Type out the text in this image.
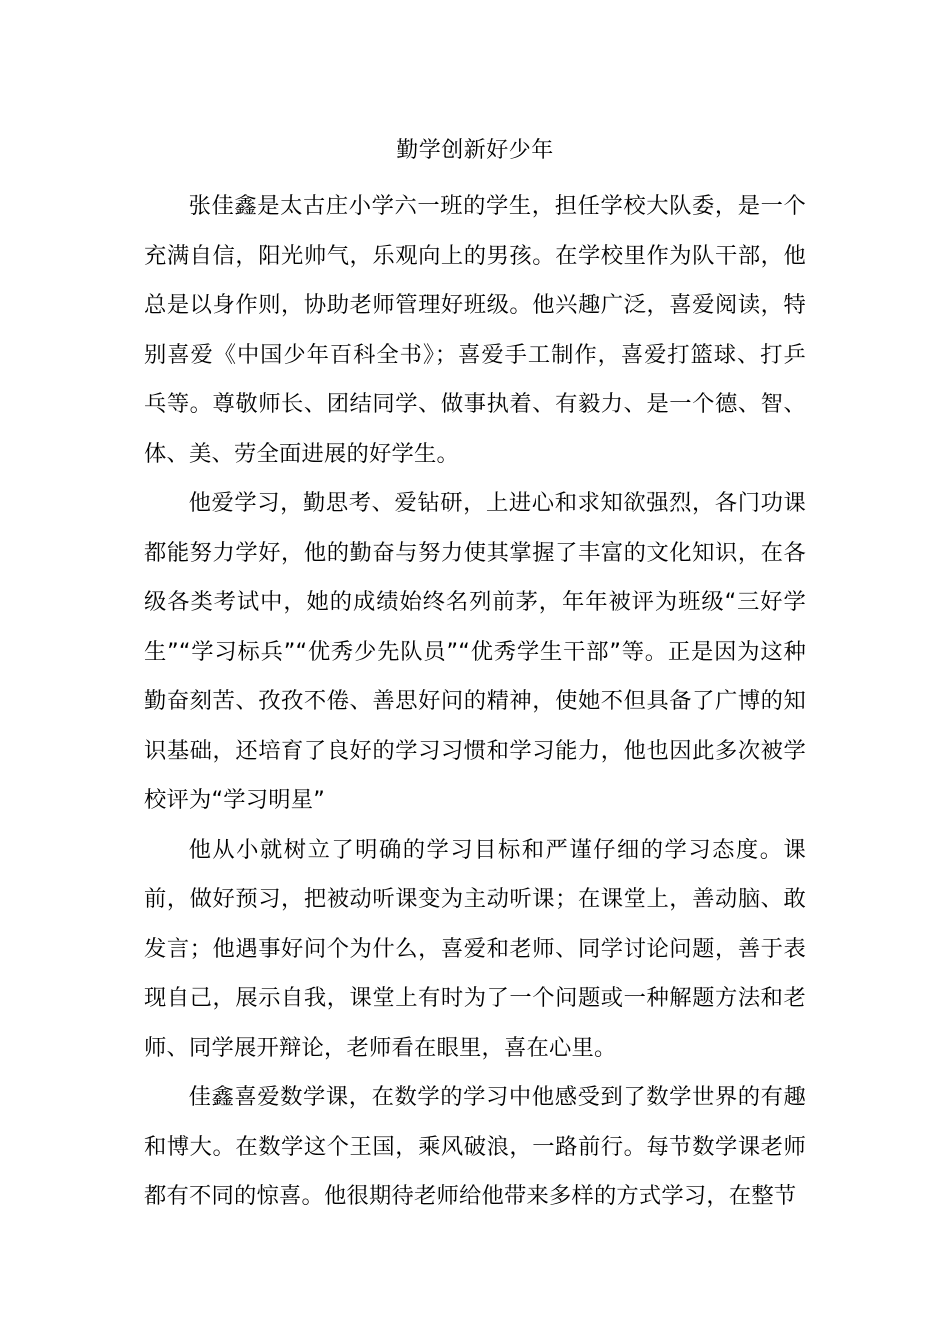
勤学创新好少年

张佳鑫是太古庄小学六一班的学生，担任学校大队委，是一个充满自信，阳光帅气，乐观向上的男孩。在学校里作为队干部，他总是以身作则，协助老师管理好班级。他兴趣广泛，喜爱阅读，特别喜爱《中国少年百科全书》；喜爱手工制作，喜爱打篮球、打乒乓等。尊敬师长、团结同学、做事执着、有毅力、是一个德、智、体、美、劳全面进展的好学生。

他爱学习，勤思考、爱钻研，上进心和求知欲强烈，各门功课都能努力学好，他的勤奋与努力使其掌握了丰富的文化知识，在各级各类考试中，她的成绩始终名列前茅，年年被评为班级“三好学生”“学习标兵”“优秀少先队员”“优秀学生干部”等。正是因为这种勤奋刻苦、孜孜不倦、善思好问的精神，使她不但具备了广博的知识基础，还培育了良好的学习习惯和学习能力，他也因此多次被学校评为“学习明星”

他从小就树立了明确的学习目标和严谨仔细的学习态度。课前，做好预习，把被动听课变为主动听课；在课堂上，善动脑、敢发言；他遇事好问个为什么，喜爱和老师、同学讨论问题，善于表现自己，展示自我，课堂上有时为了一个问题或一种解题方法和老师、同学展开辩论，老师看在眼里，喜在心里。

佳鑫喜爱数学课，在数学的学习中他感受到了数学世界的有趣和博大。在数学这个王国，乘风破浪，一路前行。每节数学课老师都有不同的惊喜。他很期待老师给他带来多样的方式学习，在整节
